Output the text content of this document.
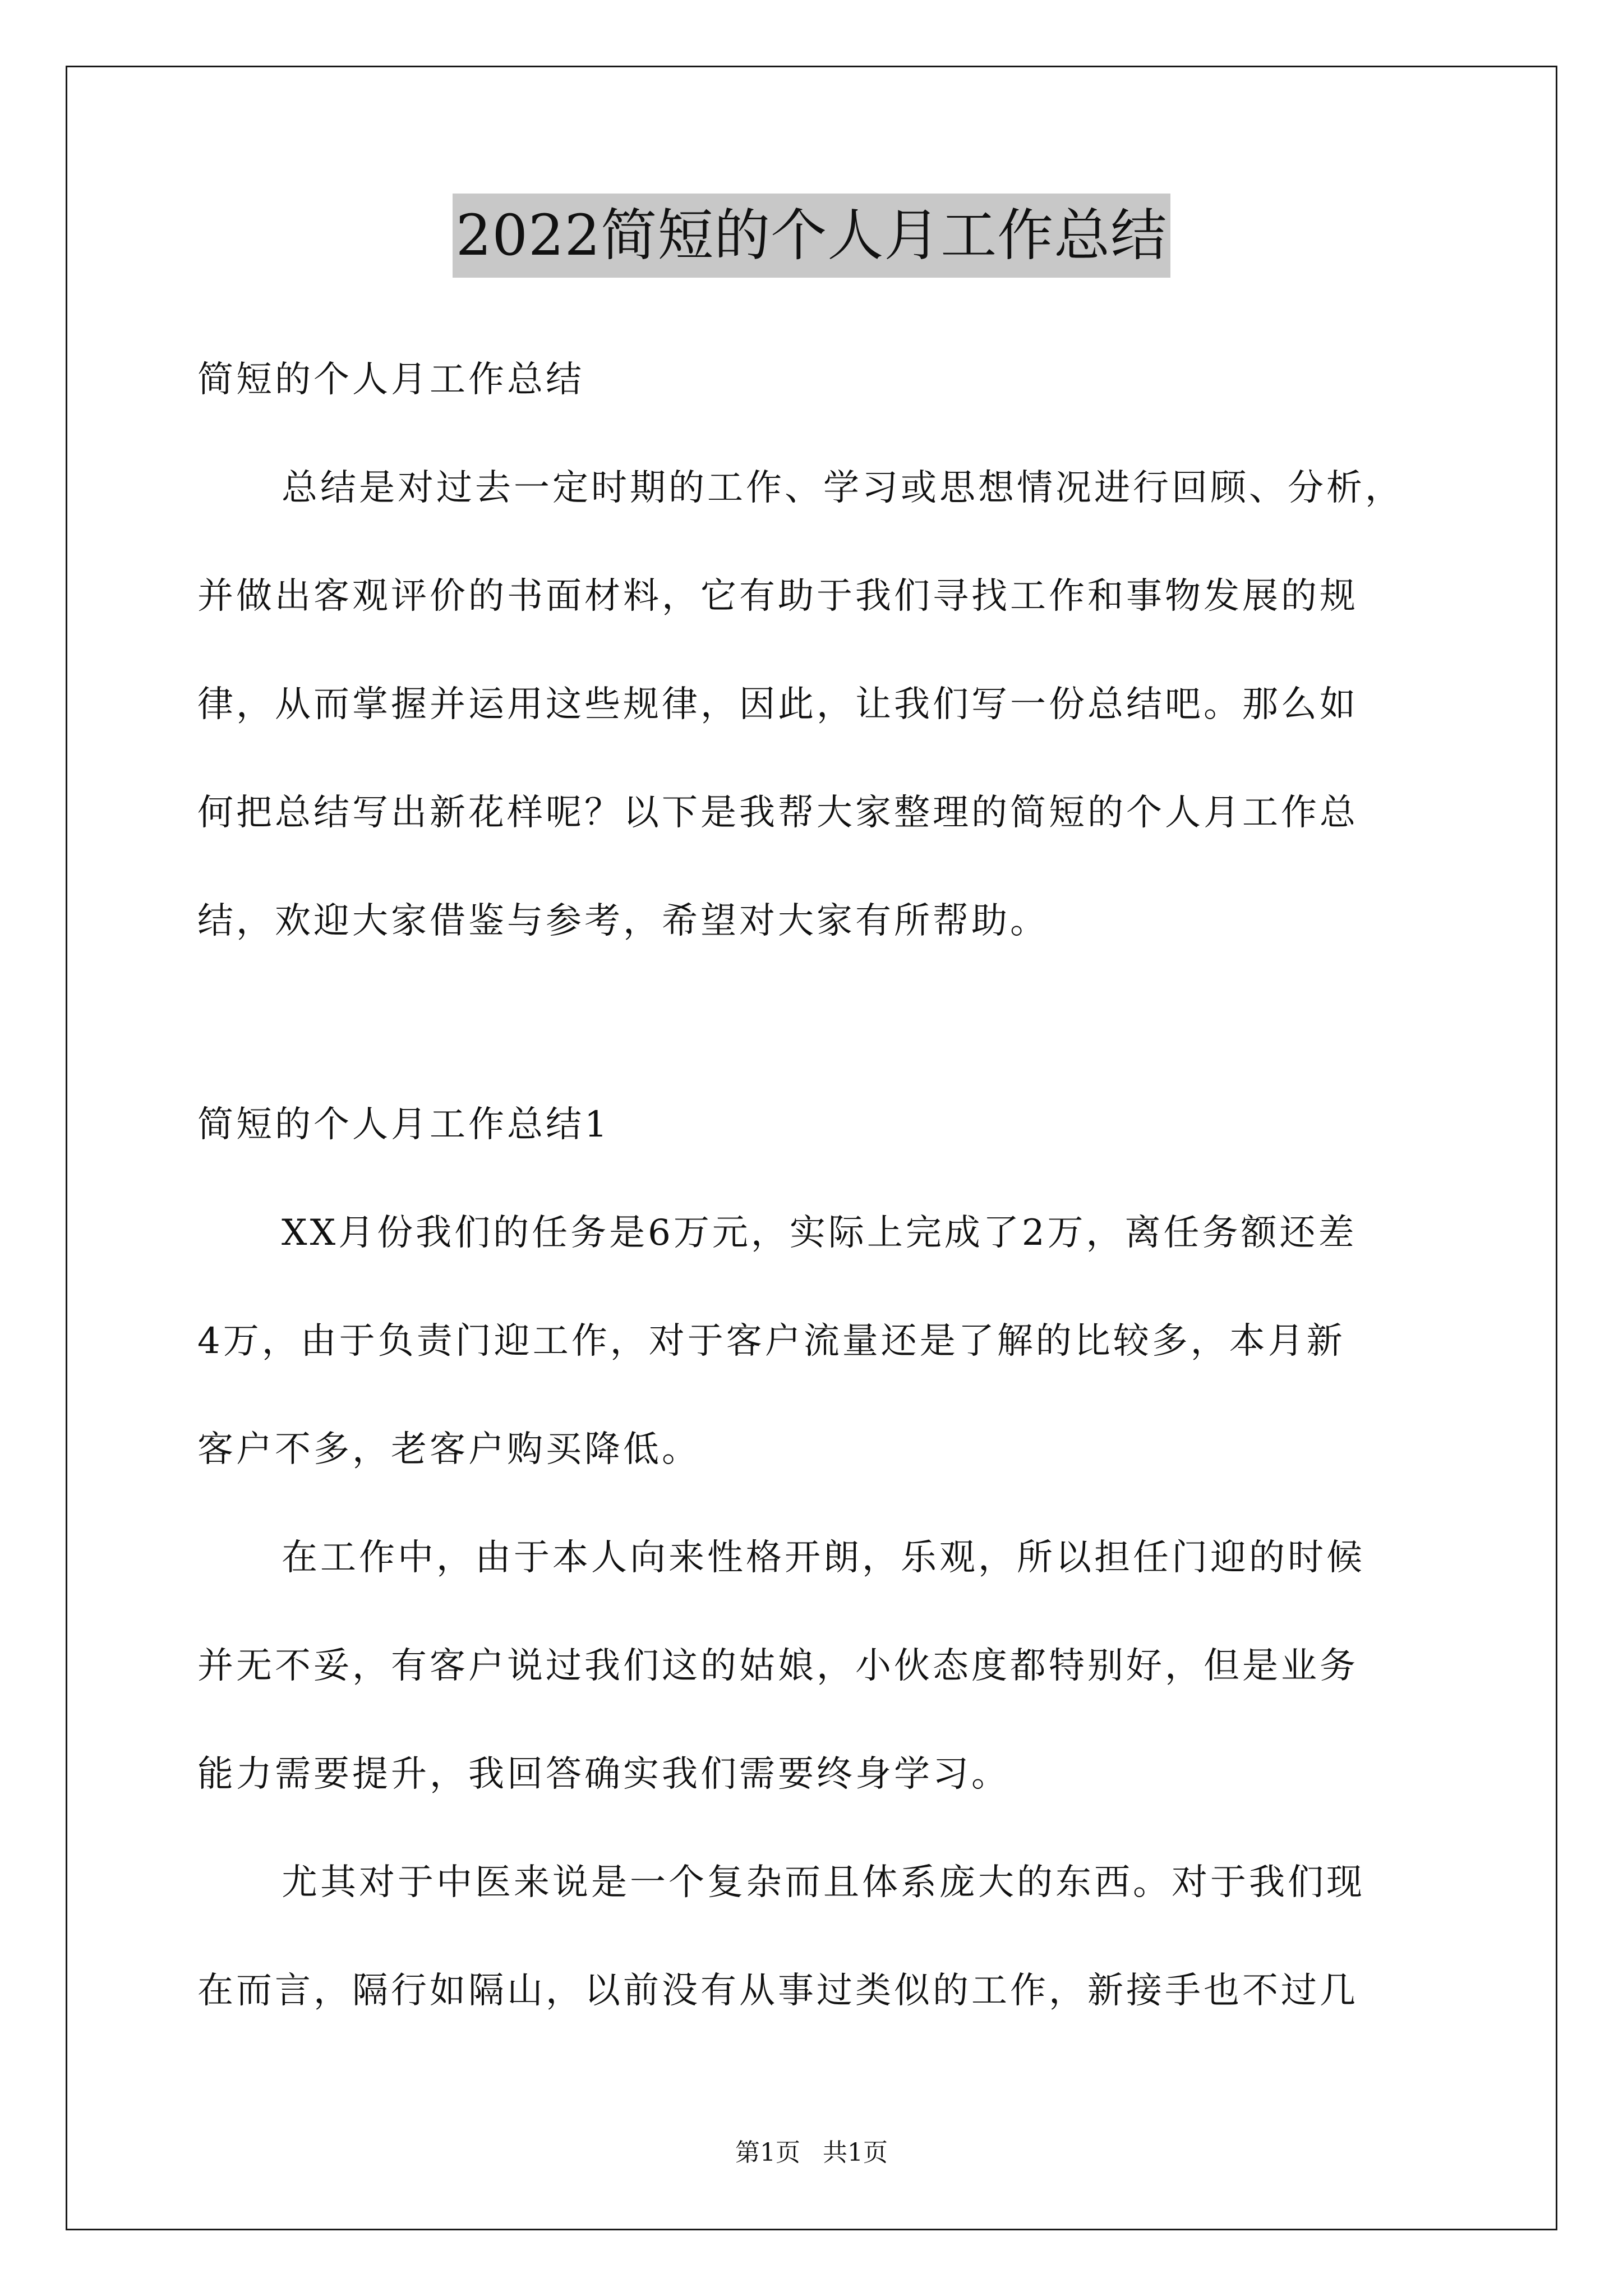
2022简短的个人月工作总结
简短的个人月工作总结
总结是对过去一定时期的工作、学习或思想情况进行回顾、分析，
并做出客观评价的书面材料，它有助于我们寻找工作和事物发展的规
律，从而掌握并运用这些规律，因此，让我们写一份总结吧。那么如
何把总结写出新花样呢？以下是我帮大家整理的简短的个人月工作总
结，欢迎大家借鉴与参考，希望对大家有所帮助。
简短的个人月工作总结1
XX月份我们的任务是6万元，实际上完成了2万，离任务额还差
4万，由于负责门迎工作，对于客户流量还是了解的比较多，本月新
客户不多，老客户购买降低。
在工作中，由于本人向来性格开朗，乐观，所以担任门迎的时候
并无不妥，有客户说过我们这的姑娘，小伙态度都特别好，但是业务
能力需要提升，我回答确实我们需要终身学习。
尤其对于中医来说是一个复杂而且体系庞大的东西。对于我们现
在而言，隔行如隔山，以前没有从事过类似的工作，新接手也不过几
第1页 共1页
